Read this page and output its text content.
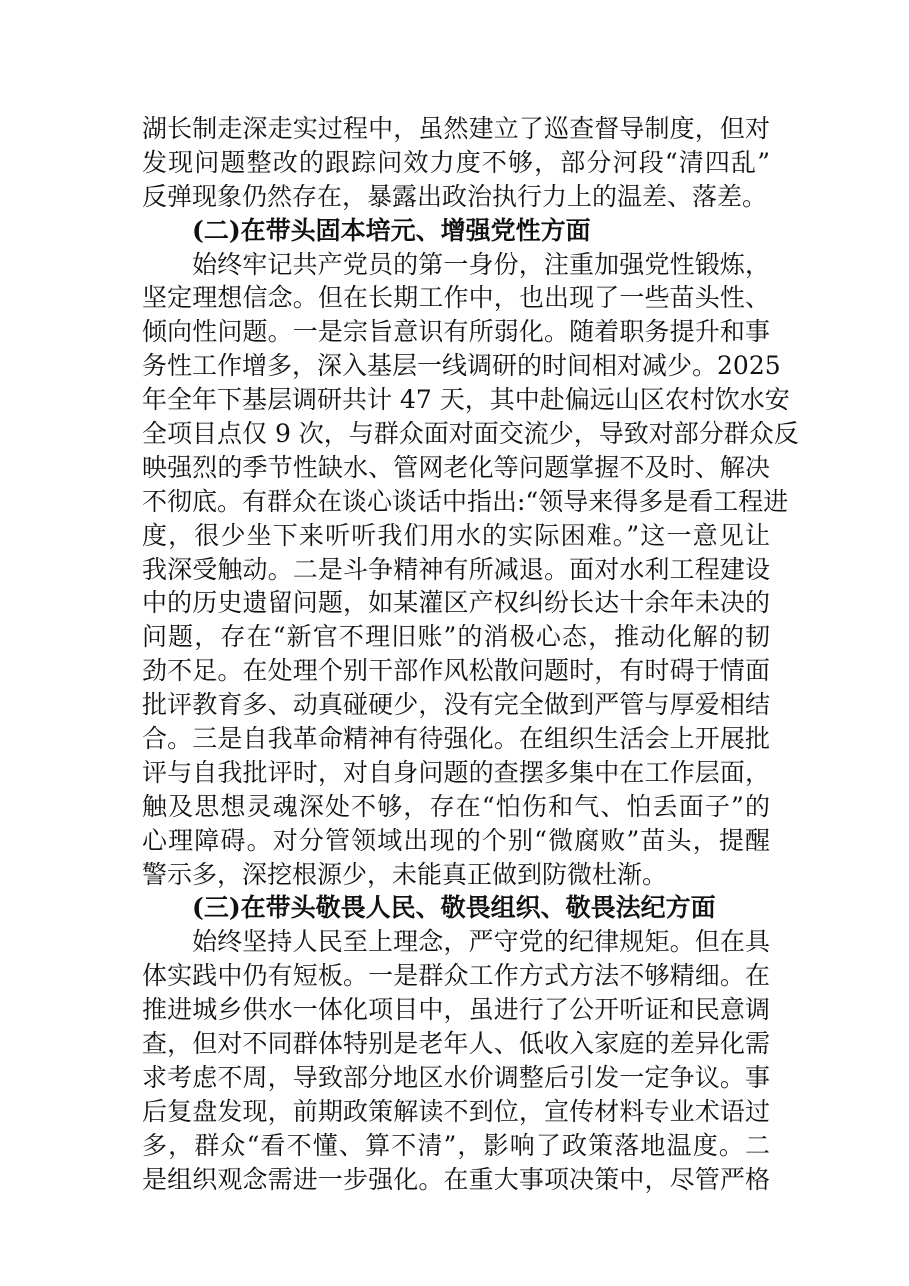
湖长制走深走实过程中，虽然建立了巡查督导制度，但对
发现问题整改的跟踪问效力度不够，部分河段“清四乱”
反弹现象仍然存在，暴露出政治执行力上的温差、落差。
(二)在带头固本培元、增强党性方面
始终牢记共产党员的第一身份，注重加强党性锻炼，
坚定理想信念。但在长期工作中，也出现了一些苗头性、
倾向性问题。一是宗旨意识有所弱化。随着职务提升和事
务性工作增多，深入基层一线调研的时间相对减少。2025
年全年下基层调研共计 47 天，其中赴偏远山区农村饮水安
全项目点仅 9 次，与群众面对面交流少，导致对部分群众反
映强烈的季节性缺水、管网老化等问题掌握不及时、解决
不彻底。有群众在谈心谈话中指出:“领导来得多是看工程进
度，很少坐下来听听我们用水的实际困难。”这一意见让
我深受触动。二是斗争精神有所减退。面对水利工程建设
中的历史遗留问题，如某灌区产权纠纷长达十余年未决的
问题，存在“新官不理旧账”的消极心态，推动化解的韧
劲不足。在处理个别干部作风松散问题时，有时碍于情面
批评教育多、动真碰硬少，没有完全做到严管与厚爱相结
合。三是自我革命精神有待强化。在组织生活会上开展批
评与自我批评时，对自身问题的查摆多集中在工作层面，
触及思想灵魂深处不够，存在“怕伤和气、怕丢面子”的
心理障碍。对分管领域出现的个别“微腐败”苗头，提醒
警示多，深挖根源少，未能真正做到防微杜渐。
(三)在带头敬畏人民、敬畏组织、敬畏法纪方面
始终坚持人民至上理念，严守党的纪律规矩。但在具
体实践中仍有短板。一是群众工作方式方法不够精细。在
推进城乡供水一体化项目中，虽进行了公开听证和民意调
查，但对不同群体特别是老年人、低收入家庭的差异化需
求考虑不周，导致部分地区水价调整后引发一定争议。事
后复盘发现，前期政策解读不到位，宣传材料专业术语过
多，群众“看不懂、算不清”，影响了政策落地温度。二
是组织观念需进一步强化。在重大事项决策中，尽管严格
